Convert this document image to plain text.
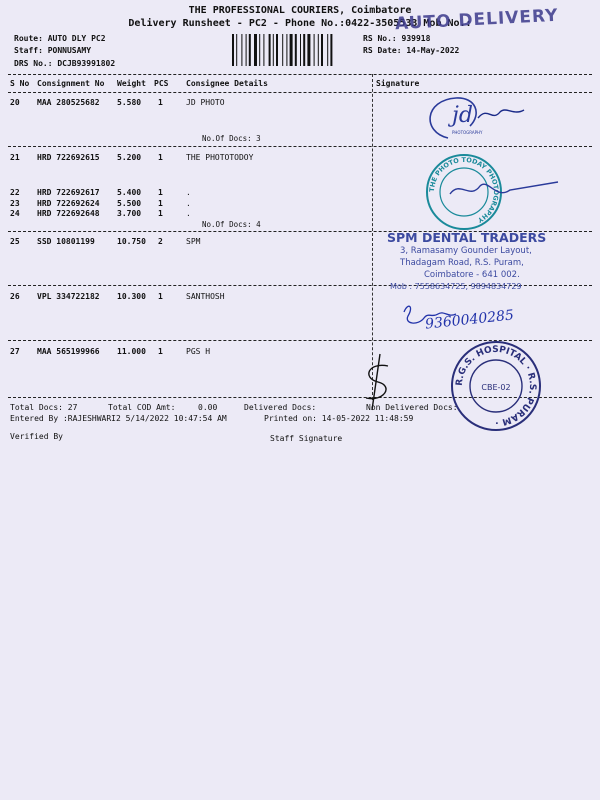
THE PROFESSIONAL COURIERS, Coimbatore
Delivery Runsheet - PC2 - Phone No.:0422-3505533 Mob No.:
Route: AUTO DLY PC2
Staff: PONNUSAMY
DRS No.: DCJB93991802
RS No.: 939918
RS Date: 14-May-2022
AUTO DELIVERY
S No Consignment No Weight PCS Consignee Details	Signature
20 MAA 280525682 5.580 1	JD PHOTO
No.Of Docs: 3
21 HRD 722692615 5.200 1	THE PHOTOTODOY
22 HRD 722692617 5.400 1	.
23 HRD 722692624 5.500 1	.
24 HRD 722692648 3.700 1	.
No.Of Docs: 4
25 SSD 10801199	10.750 2	SPM
26 VPL 334722182 10.300 1	SANTHOSH
27 MAA 565199966 11.000 1	PGS H
Total Docs: 27	Total COD Amt:	0.00	Delivered Docs:	Non Delivered Docs:
Entered By :RAJESHWARI2 5/14/2022 10:47:54 AM	Printed on: 14-05-2022 11:48:59
Verified By	Staff Signature
jd
PHOTOGRAPHY
THE PHOTO TODAY PHOTOGRAPHY
SPM DENTAL TRADERS
3, Ramasamy Gounder Layout,
Thadagam Road, R.S. Puram,
Coimbatore - 641 002.
Mob : 7558634725, 9894834729
9360040285
R.G.S. HOSPITAL · R.S. PURAM ·
CBE-02
